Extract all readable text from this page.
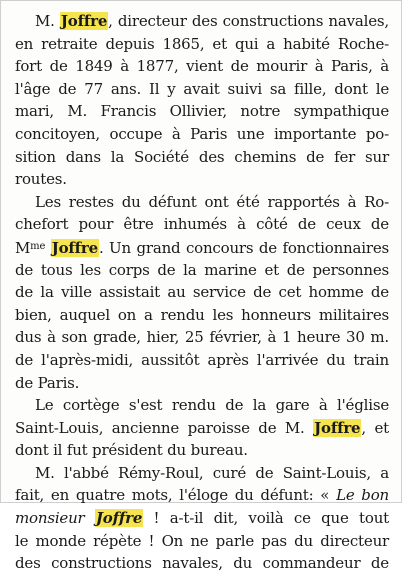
M. Joffre, directeur des constructions navales,
en retraite depuis 1865, et qui a habité Roche-
fort de 1849 à 1877, vient de mourir à Paris, à
l'âge de 77 ans. Il y avait suivi sa fille, dont le
mari, M. Francis Ollivier, notre sympathique
concitoyen, occupe à Paris une importante po-
sition dans la Société des chemins de fer sur
routes.
Les restes du défunt ont été rapportés à Ro-
chefort pour être inhumés à côté de ceux de
$M^{me}$ Joffre. Un grand concours de fonctionnaires
de tous les corps de la marine et de personnes
de la ville assistait au service de cet homme de
bien, auquel on a rendu les honneurs militaires
dus à son grade, hier, 25 février, à 1 heure 30 m.
de l'après-midi, aussitôt après l'arrivée du train
de Paris.
Le cortège s'est rendu de la gare à l'église
Saint-Louis, ancienne paroisse de M. Joffre, et
dont il fut président du bureau.
M. l'abbé Rémy-Roul, curé de Saint-Louis, a
fait, en quatre mots, l'éloge du défunt: « Le bon
monsieur Joffre ! a-t-il dit, voilà ce que tout
le monde répète ! On ne parle pas du directeur
des constructions navales, du commandeur de
